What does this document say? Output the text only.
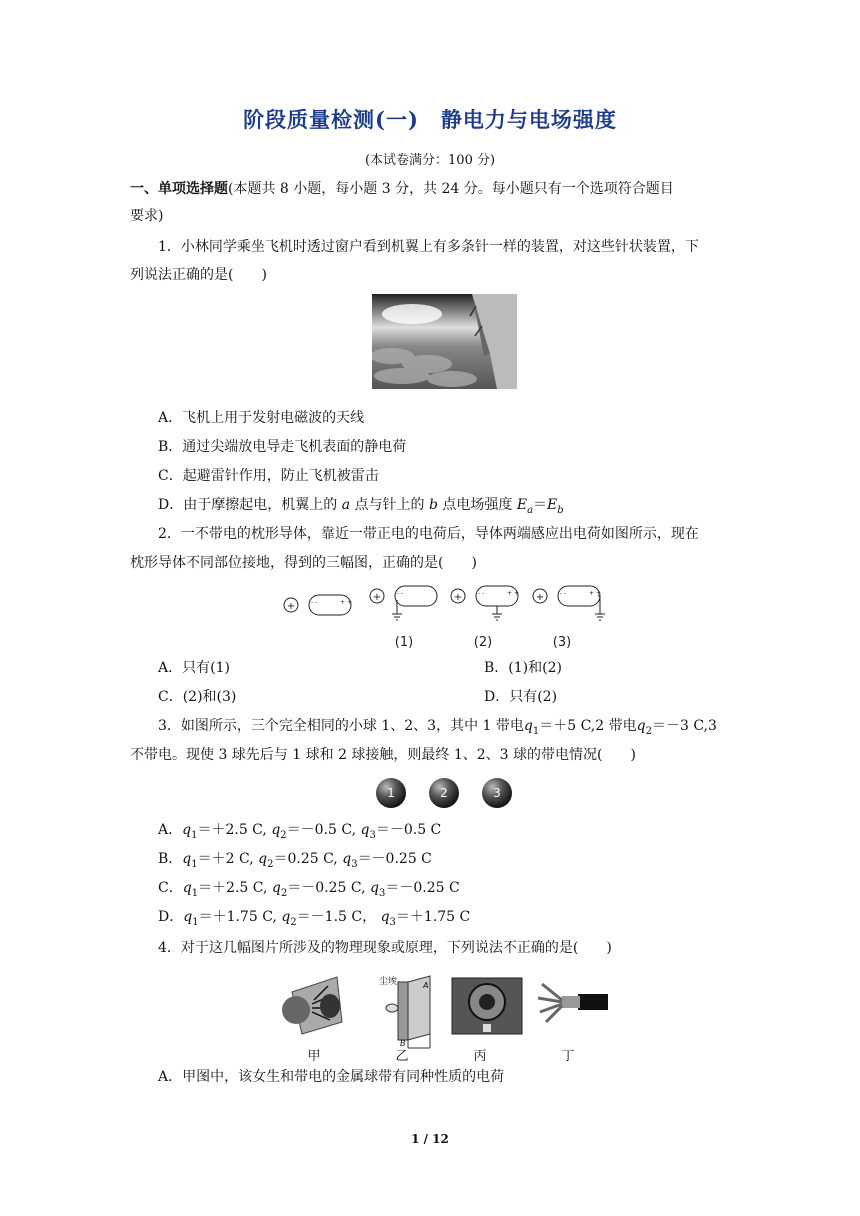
阶段质量检测(一)　静电力与电场强度
(本试卷满分：100 分)
一、单项选择题(本题共 8 小题，每小题 3 分，共 24 分。每小题只有一个选项符合题目
要求)
1．小林同学乘坐飞机时透过窗户看到机翼上有多条针一样的装置，对这些针状装置，下
列说法正确的是(　　)
A．飞机上用于发射电磁波的天线
B．通过尖端放电导走飞机表面的静电荷
C．起避雷针作用，防止飞机被雷击
D．由于摩擦起电，机翼上的 a 点与针上的 b 点电场强度 $E_a=E_b$
2．一不带电的枕形导体，靠近一带正电的电荷后，导体两端感应出电荷如图所示，现在
枕形导体不同部位接地，得到的三幅图，正确的是(　　)
+
+	+	+
- -	+ +
- -	- -	+ +	- -	+ +
(1)	(2)	(3)
A．只有(1)	B．(1)和(2)
C．(2)和(3)	D．只有(2)
3．如图所示，三个完全相同的小球 1、2、3，其中 1 带电$q_1=+5$ C,2 带电$q_2=-3$ C,3
不带电。现使 3 球先后与 1 球和 2 球接触，则最终 1、2、3 球的带电情况(　　)
1	2	3
A．$q_1=+2.5$ C, $q_2=-0.5$ C, $q_3=-0.5$ C
B．$q_1=+2$ C, $q_2=0.25$ C, $q_3=-0.25$ C
C．$q_1=+2.5$ C, $q_2=-0.25$ C, $q_3=-0.25$ C
D．$q_1=+1.75$ C, $q_2=-1.5$ C， $q_3=+1.75$ C
4．对于这几幅图片所涉及的物理现象或原理，下列说法不正确的是(　　)
尘埃	A
B
甲	乙	丙	丁
A．甲图中，该女生和带电的金属球带有同种性质的电荷
1 / 12
